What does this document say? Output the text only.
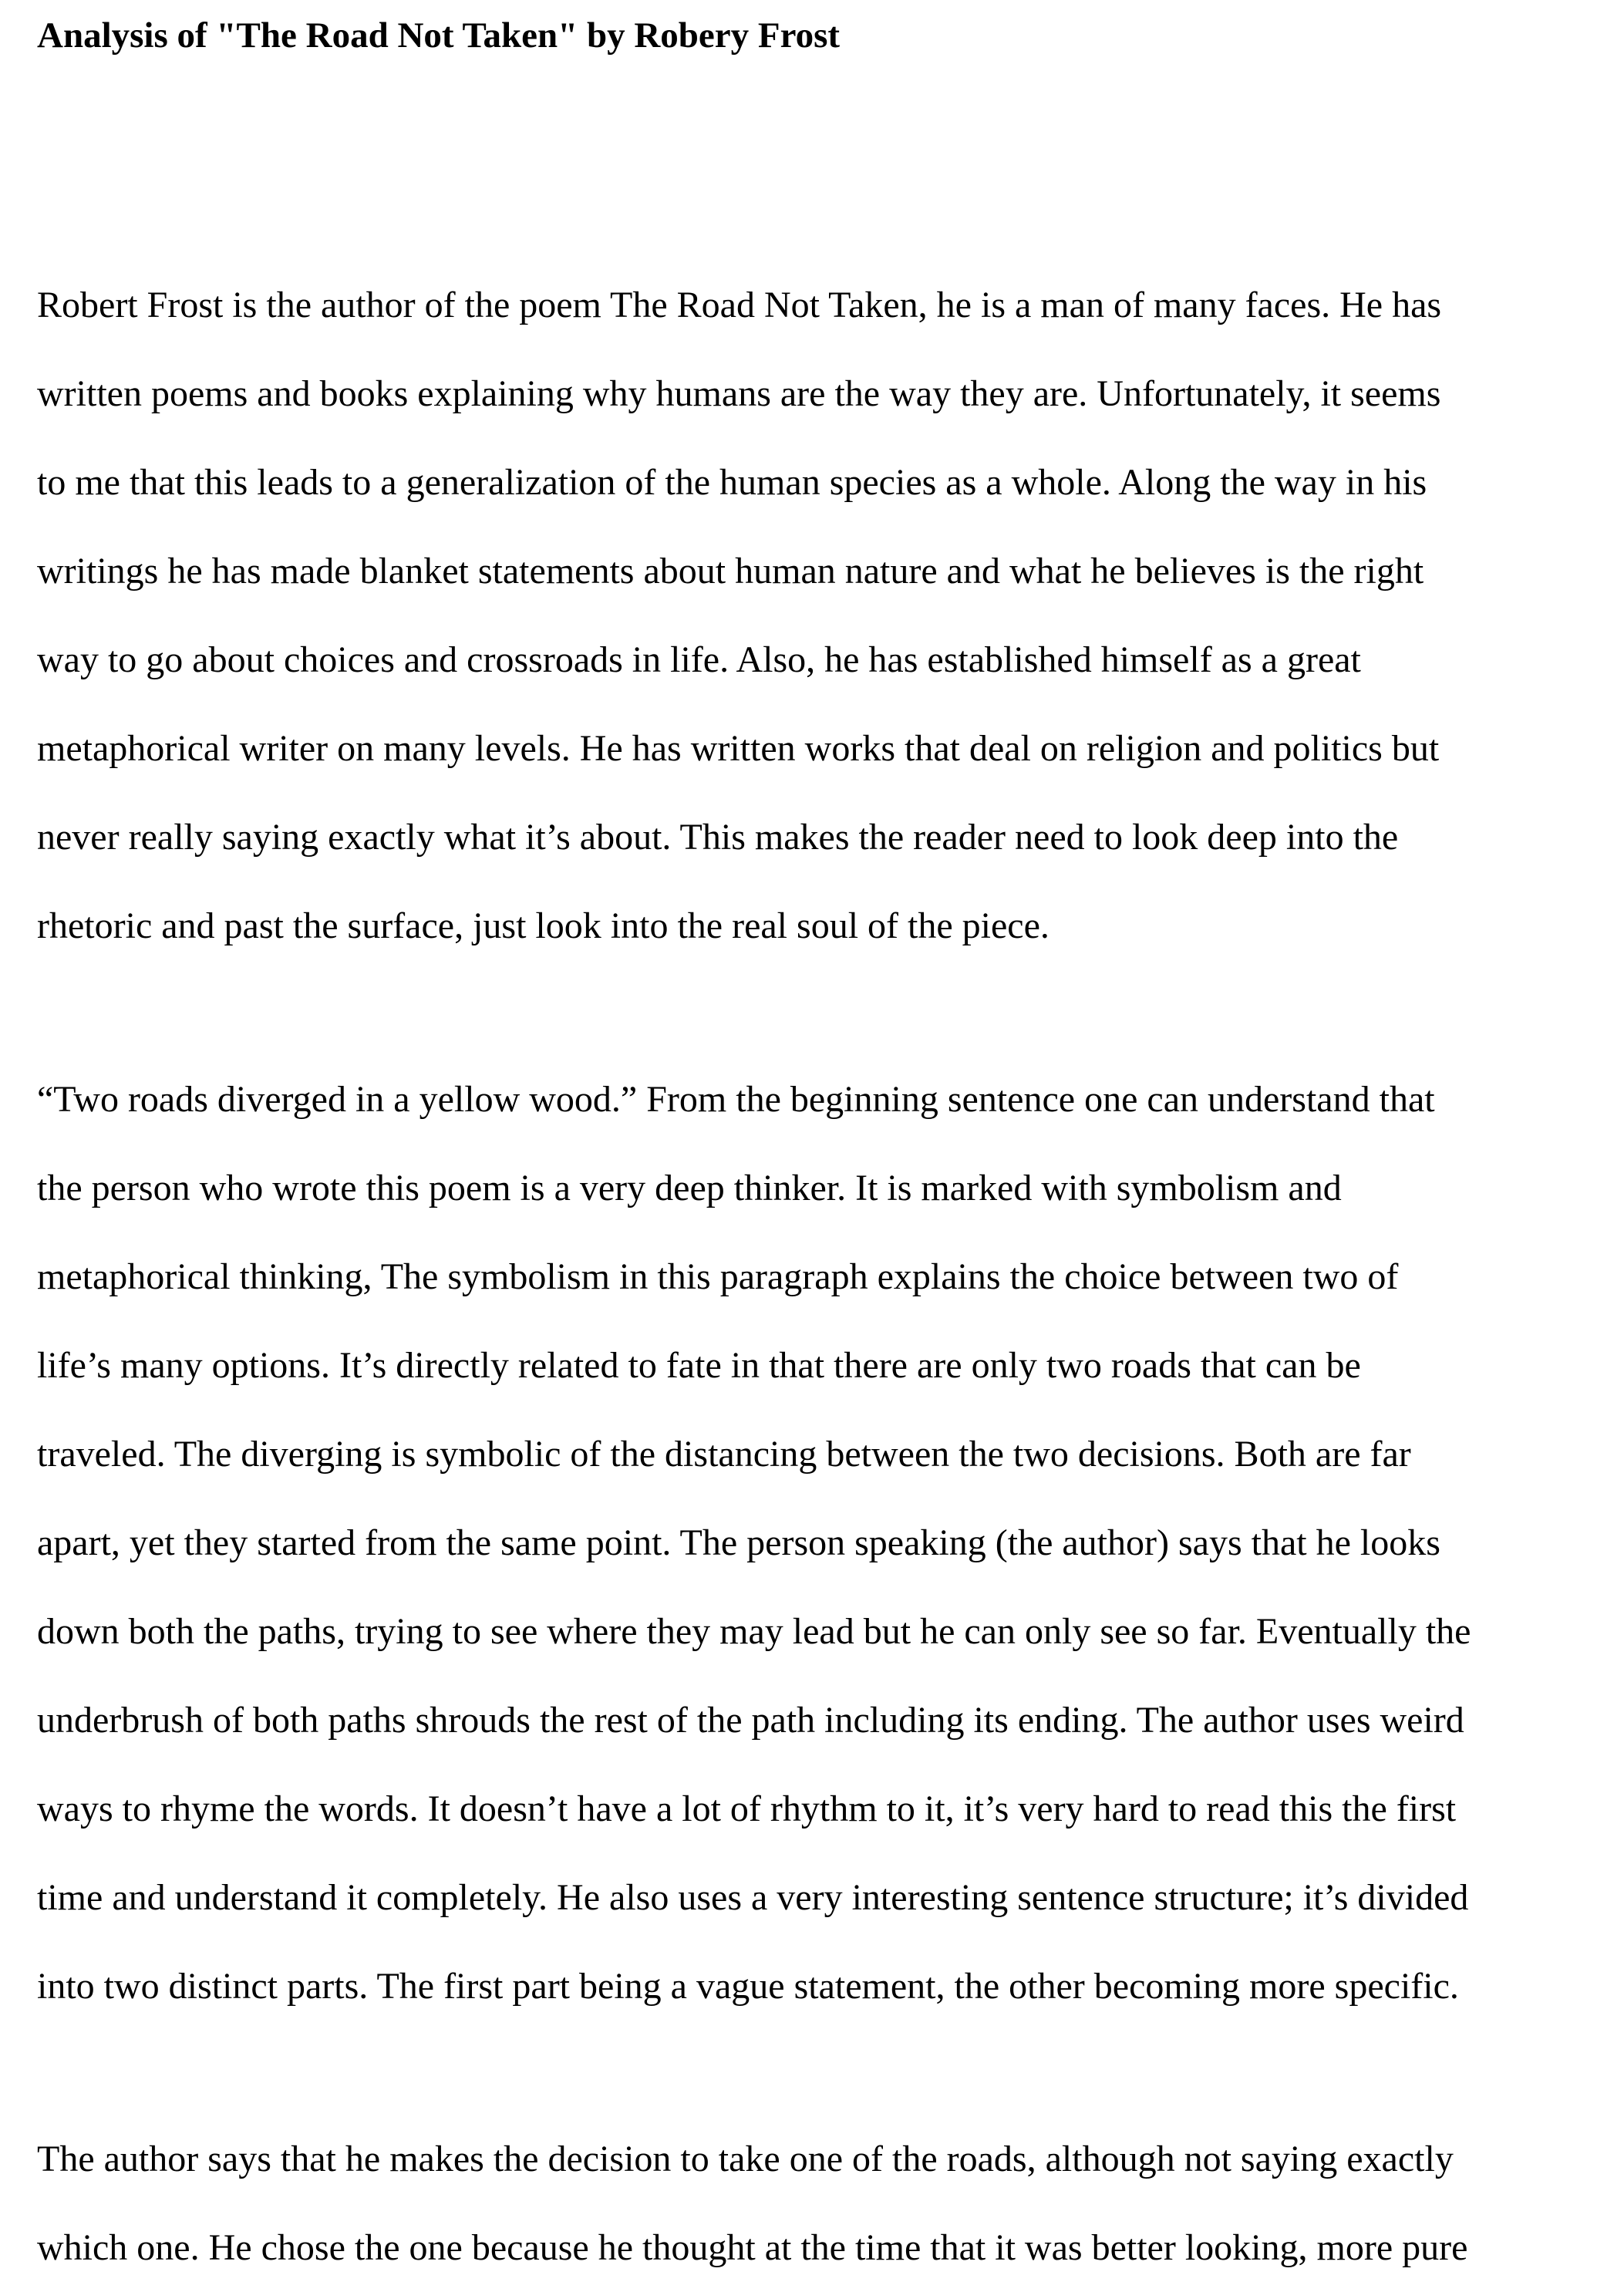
Analysis of "The Road Not Taken" by Robery Frost
Robert Frost is the author of the poem The Road Not Taken, he is a man of many faces. He has
written poems and books explaining why humans are the way they are. Unfortunately, it seems
to me that this leads to a generalization of the human species as a whole. Along the way in his
writings he has made blanket statements about human nature and what he believes is the right
way to go about choices and crossroads in life. Also, he has established himself as a great
metaphorical writer on many levels. He has written works that deal on religion and politics but
never really saying exactly what it’s about. This makes the reader need to look deep into the
rhetoric and past the surface, just look into the real soul of the piece.
“Two roads diverged in a yellow wood.” From the beginning sentence one can understand that
the person who wrote this poem is a very deep thinker. It is marked with symbolism and
metaphorical thinking, The symbolism in this paragraph explains the choice between two of
life’s many options. It’s directly related to fate in that there are only two roads that can be
traveled. The diverging is symbolic of the distancing between the two decisions. Both are far
apart, yet they started from the same point. The person speaking (the author) says that he looks
down both the paths, trying to see where they may lead but he can only see so far. Eventually the
underbrush of both paths shrouds the rest of the path including its ending. The author uses weird
ways to rhyme the words. It doesn’t have a lot of rhythm to it, it’s very hard to read this the first
time and understand it completely. He also uses a very interesting sentence structure; it’s divided
into two distinct parts. The first part being a vague statement, the other becoming more specific.
The author says that he makes the decision to take one of the roads, although not saying exactly
which one. He chose the one because he thought at the time that it was better looking, more pure
